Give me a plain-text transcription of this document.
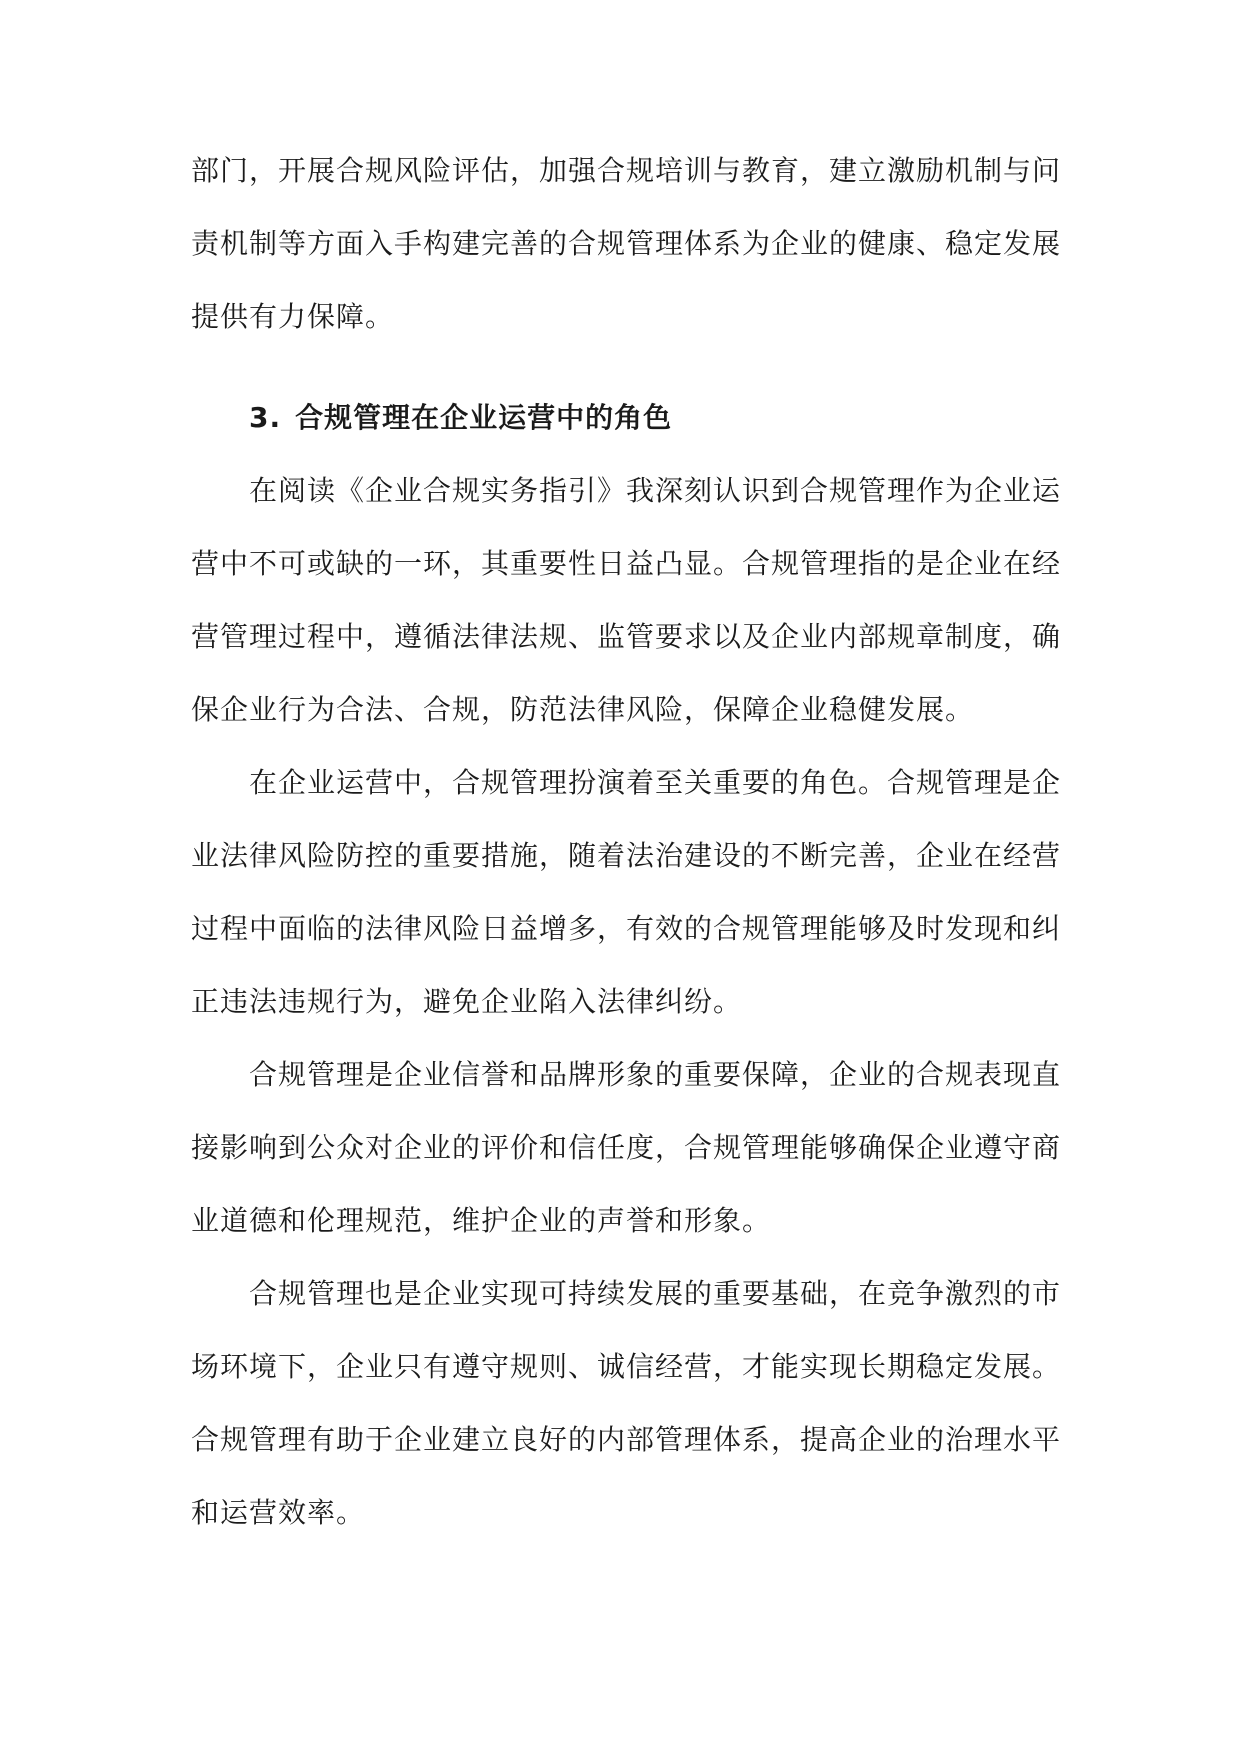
部门，开展合规风险评估，加强合规培训与教育，建立激励机制与问责机制等方面入手构建完善的合规管理体系为企业的健康、稳定发展提供有力保障。

3. 合规管理在企业运营中的角色

在阅读《企业合规实务指引》我深刻认识到合规管理作为企业运营中不可或缺的一环，其重要性日益凸显。合规管理指的是企业在经营管理过程中，遵循法律法规、监管要求以及企业内部规章制度，确保企业行为合法、合规，防范法律风险，保障企业稳健发展。

在企业运营中，合规管理扮演着至关重要的角色。合规管理是企业法律风险防控的重要措施，随着法治建设的不断完善，企业在经营过程中面临的法律风险日益增多，有效的合规管理能够及时发现和纠正违法违规行为，避免企业陷入法律纠纷。

合规管理是企业信誉和品牌形象的重要保障，企业的合规表现直接影响到公众对企业的评价和信任度，合规管理能够确保企业遵守商业道德和伦理规范，维护企业的声誉和形象。

合规管理也是企业实现可持续发展的重要基础，在竞争激烈的市场环境下，企业只有遵守规则、诚信经营，才能实现长期稳定发展。合规管理有助于企业建立良好的内部管理体系，提高企业的治理水平和运营效率。
